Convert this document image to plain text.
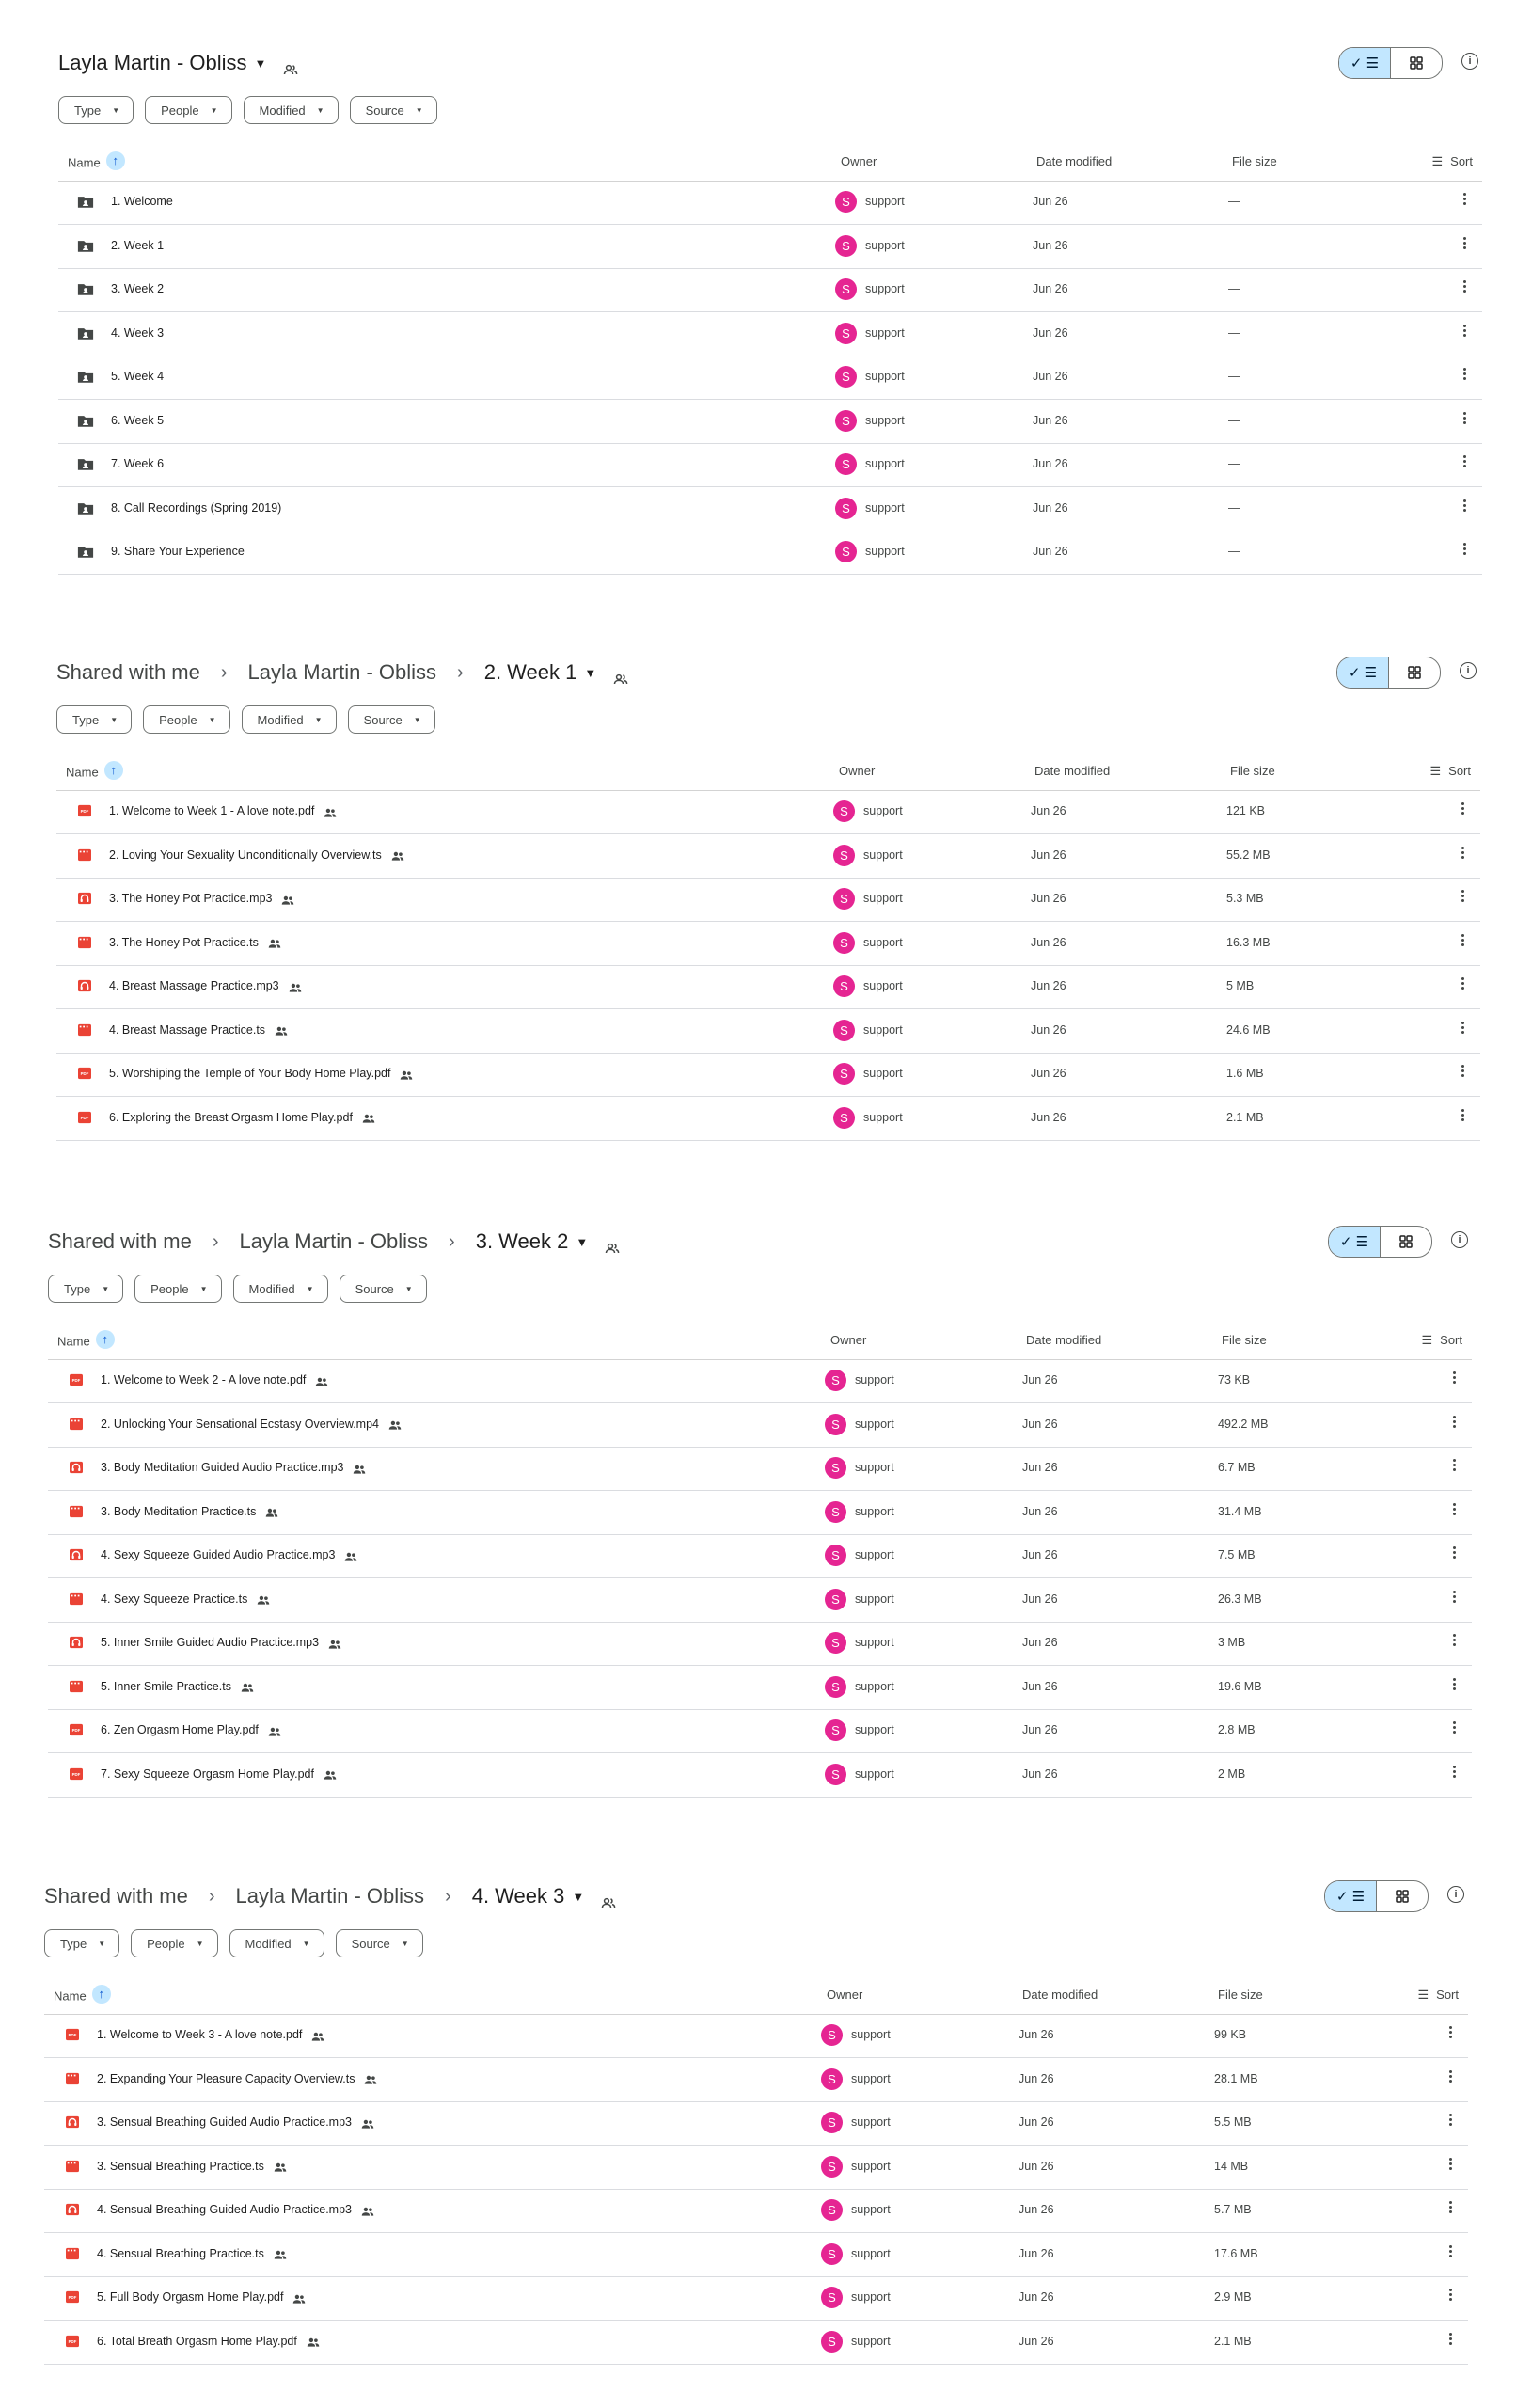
Layla Martin - Obliss ▼	✓
☰	i
Type ▼	People ▼	Modified ▼	Source ▼
Name ↑	Owner	Date modified	File size	☰ Sort
1. Welcome	S	support	Jun 26	—
2. Week 1	S	support	Jun 26	—
3. Week 2	S	support	Jun 26	—
4. Week 3	S	support	Jun 26	—
5. Week 4	S	support	Jun 26	—
6. Week 5	S	support	Jun 26	—
7. Week 6	S	support	Jun 26	—
8. Call Recordings (Spring 2019)	S	support	Jun 26	—
9. Share Your Experience	S	support	Jun 26	—
Shared with me › Layla Martin - Obliss › 2. Week 1 ▼	✓
☰	i
Type ▼	People ▼	Modified ▼	Source ▼
Name ↑	Owner	Date modified	File size	☰ Sort
PDF 1. Welcome to Week 1 - A love note.pdf	S	support	Jun 26	121 KB
2. Loving Your Sexuality Unconditionally Overview.ts	S	support	Jun 26	55.2 MB
3. The Honey Pot Practice.mp3	S	support	Jun 26	5.3 MB
3. The Honey Pot Practice.ts	S	support	Jun 26	16.3 MB
4. Breast Massage Practice.mp3	S	support	Jun 26	5 MB
4. Breast Massage Practice.ts	S	support	Jun 26	24.6 MB
PDF 5. Worshiping the Temple of Your Body Home Play.pdf	S	support	Jun 26	1.6 MB
PDF 6. Exploring the Breast Orgasm Home Play.pdf	S	support	Jun 26	2.1 MB
Shared with me › Layla Martin - Obliss › 3. Week 2 ▼	✓
☰	i
Type ▼	People ▼	Modified ▼	Source ▼
Name ↑	Owner	Date modified	File size	☰ Sort
PDF 1. Welcome to Week 2 - A love note.pdf	S	support	Jun 26	73 KB
2. Unlocking Your Sensational Ecstasy Overview.mp4	S	support	Jun 26	492.2 MB
3. Body Meditation Guided Audio Practice.mp3	S	support	Jun 26	6.7 MB
3. Body Meditation Practice.ts	S	support	Jun 26	31.4 MB
4. Sexy Squeeze Guided Audio Practice.mp3	S	support	Jun 26	7.5 MB
4. Sexy Squeeze Practice.ts	S	support	Jun 26	26.3 MB
5. Inner Smile Guided Audio Practice.mp3	S	support	Jun 26	3 MB
5. Inner Smile Practice.ts	S	support	Jun 26	19.6 MB
PDF 6. Zen Orgasm Home Play.pdf	S	support	Jun 26	2.8 MB
PDF 7. Sexy Squeeze Orgasm Home Play.pdf	S	support	Jun 26	2 MB
Shared with me › Layla Martin - Obliss › 4. Week 3 ▼	✓
☰	i
Type ▼	People ▼	Modified ▼	Source ▼
Name ↑	Owner	Date modified	File size	☰ Sort
PDF 1. Welcome to Week 3 - A love note.pdf	S	support	Jun 26	99 KB
2. Expanding Your Pleasure Capacity Overview.ts	S	support	Jun 26	28.1 MB
3. Sensual Breathing Guided Audio Practice.mp3	S	support	Jun 26	5.5 MB
3. Sensual Breathing Practice.ts	S	support	Jun 26	14 MB
4. Sensual Breathing Guided Audio Practice.mp3	S	support	Jun 26	5.7 MB
4. Sensual Breathing Practice.ts	S	support	Jun 26	17.6 MB
PDF 5. Full Body Orgasm Home Play.pdf	S	support	Jun 26	2.9 MB
PDF 6. Total Breath Orgasm Home Play.pdf	S	support	Jun 26	2.1 MB
